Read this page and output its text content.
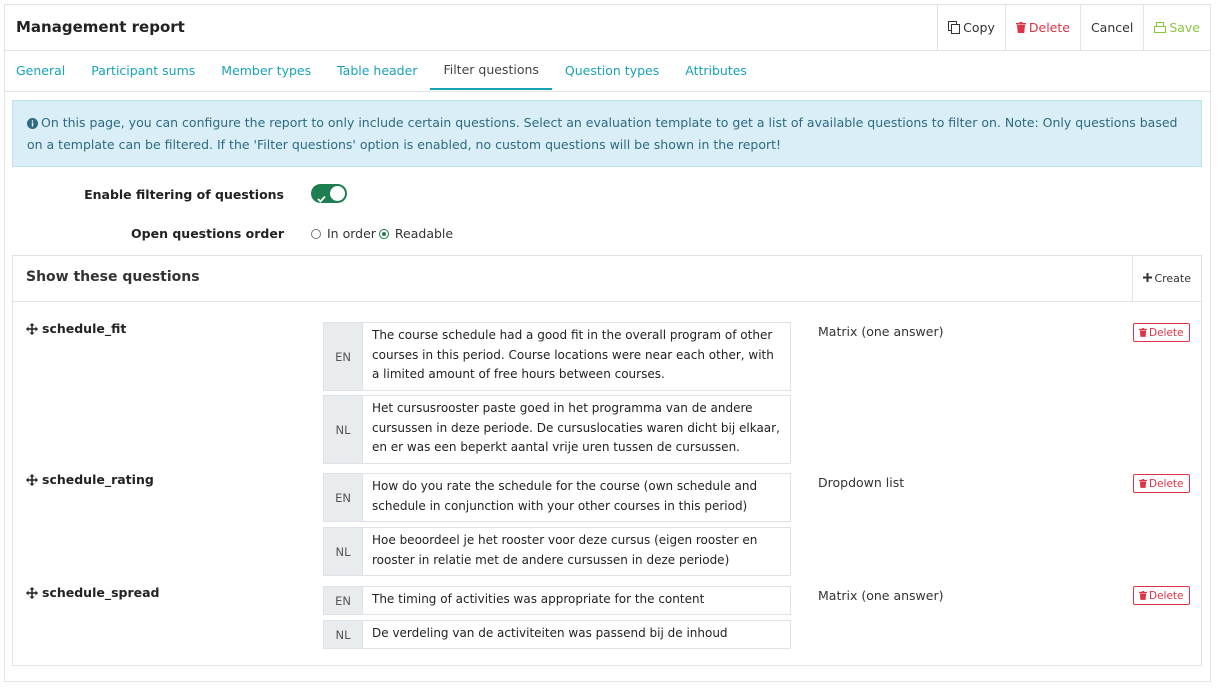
Management report	Copy	Delete Cancel	Save
General	Participant sums	Member types	Table header	Filter questions	Question types	Attributes
On this page, you can configure the report to only include certain questions. Select an evaluation template to get a list of available questions to filter on. Note: Only questions based on a template can be filtered. If the 'Filter questions' option is enabled, no custom questions will be shown in the report!
Enable filtering of questions
Open questions order	In order Readable
Show these questions	Create
schedule_fit
EN
The course schedule had a good fit in the overall program of other courses in this period. Course locations were near each other, with a limited amount of free hours between courses.
NL
Het cursusrooster paste goed in het programma van de andere cursussen in deze periode. De cursuslocaties waren dicht bij elkaar, en er was een beperkt aantal vrije uren tussen de cursussen.
Matrix (one answer)	Delete
schedule_rating
EN
How do you rate the schedule for the course (own schedule and schedule in conjunction with your other courses in this period)
NL
Hoe beoordeel je het rooster voor deze cursus (eigen rooster en rooster in relatie met de andere cursussen in deze periode)
Dropdown list	Delete
schedule_spread
EN	The timing of activities was appropriate for the content
NL	De verdeling van de activiteiten was passend bij de inhoud
Matrix (one answer)	Delete
